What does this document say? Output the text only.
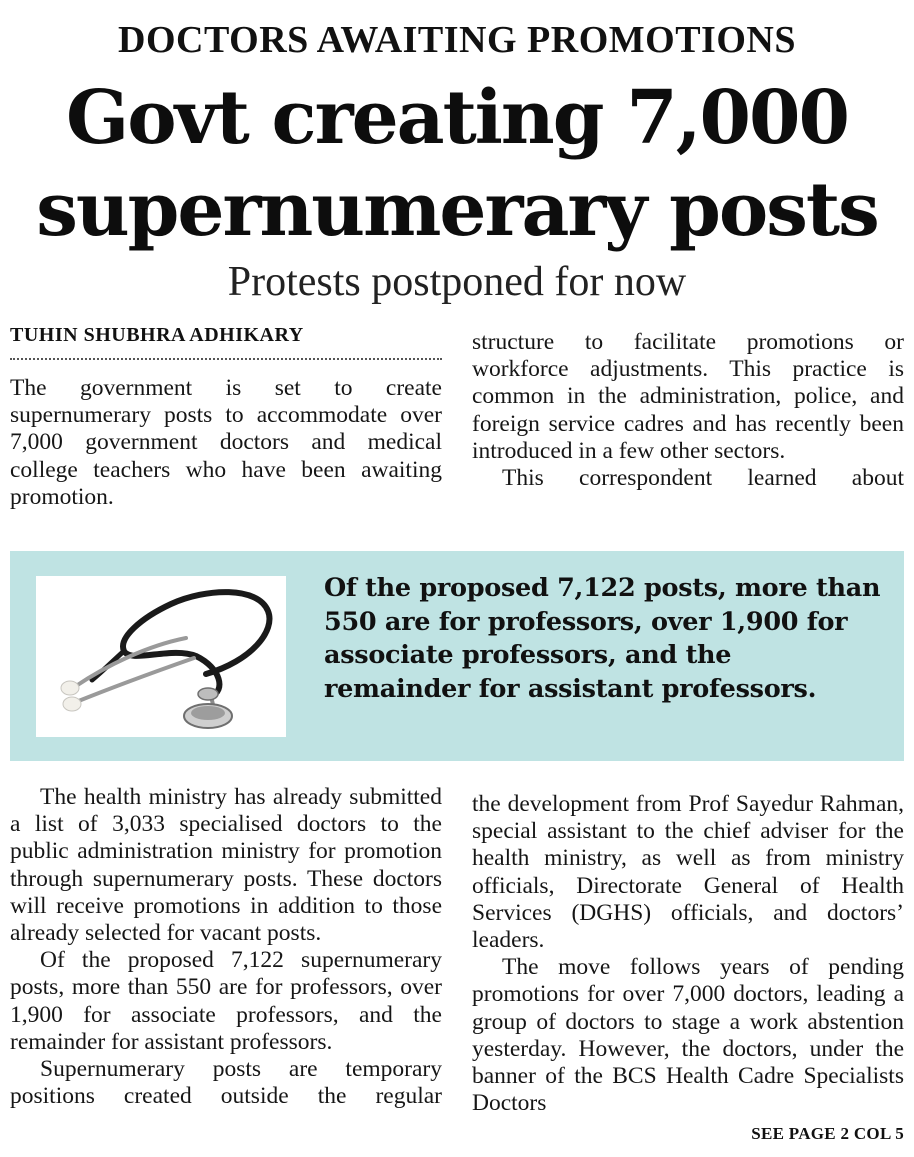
DOCTORS AWAITING PROMOTIONS
Govt creating 7,000
supernumerary posts
Protests postponed for now
TUHIN SHUBHRA ADHIKARY

The government is set to create supernumerary posts to accommodate over 7,000 government doctors and medical college teachers who have been awaiting promotion.

structure to facilitate promotions or workforce adjustments. This practice is common in the administration, police, and foreign service cadres and has recently been introduced in a few other sectors.

This correspondent learned about

Of the proposed 7,122 posts, more than 550 are for professors, over 1,900 for associate professors, and the remainder for assistant professors.

The health ministry has already submitted a list of 3,033 specialised doctors to the public administration ministry for promotion through supernumerary posts. These doctors will receive promotions in addition to those already selected for vacant posts.

Of the proposed 7,122 supernumerary posts, more than 550 are for professors, over 1,900 for associate professors, and the remainder for assistant professors.

Supernumerary posts are temporary positions created outside the regular

the development from Prof Sayedur Rahman, special assistant to the chief adviser for the health ministry, as well as from ministry officials, Directorate General of Health Services (DGHS) officials, and doctors’ leaders.

The move follows years of pending promotions for over 7,000 doctors, leading a group of doctors to stage a work abstention yesterday. However, the doctors, under the banner of the BCS Health Cadre Specialists Doctors

SEE PAGE 2 COL 5
